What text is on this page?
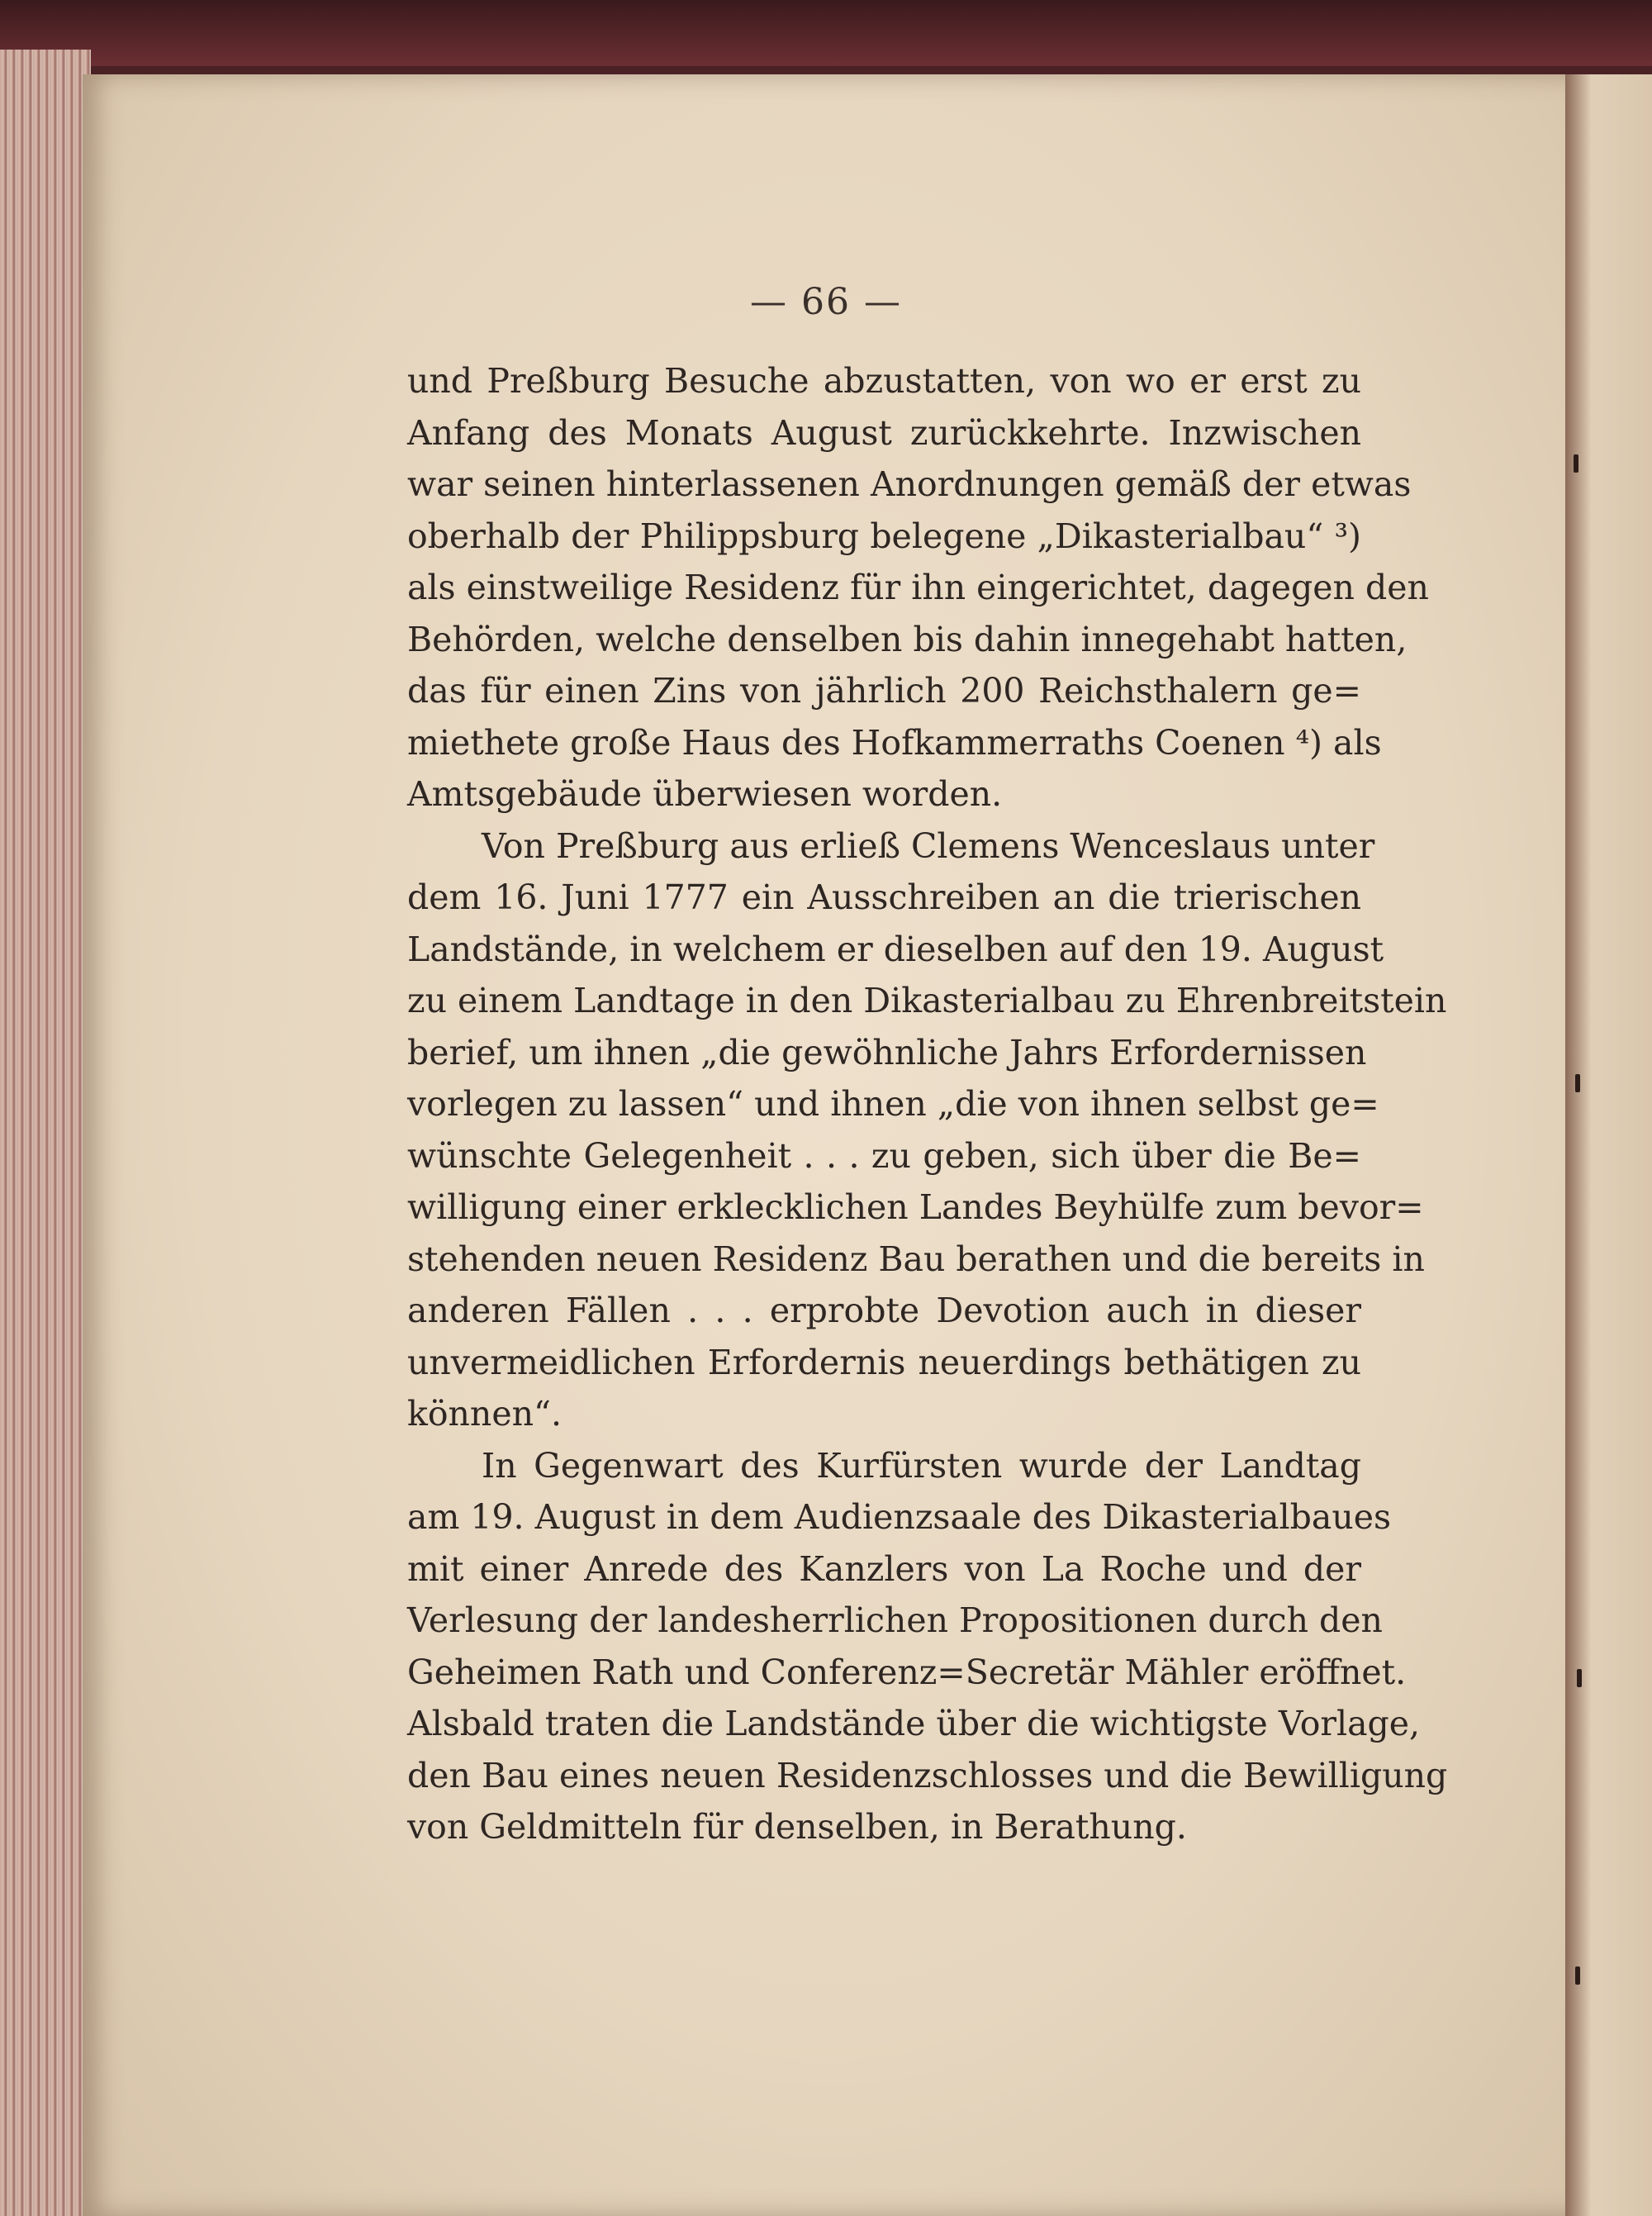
— 66 —
und Preßburg Besuche abzustatten, von wo er erst zu
Anfang des Monats August zurückkehrte. Inzwischen
war seinen hinterlassenen Anordnungen gemäß der etwas
oberhalb der Philippsburg belegene „Dikasterialbau“ ³)
als einstweilige Residenz für ihn eingerichtet, dagegen den
Behörden, welche denselben bis dahin innegehabt hatten,
das für einen Zins von jährlich 200 Reichsthalern ge=
miethete große Haus des Hofkammerraths Coenen ⁴) als
Amtsgebäude überwiesen worden.
Von Preßburg aus erließ Clemens Wenceslaus unter
dem 16. Juni 1777 ein Ausschreiben an die trierischen
Landstände, in welchem er dieselben auf den 19. August
zu einem Landtage in den Dikasterialbau zu Ehrenbreitstein
berief, um ihnen „die gewöhnliche Jahrs Erfordernissen
vorlegen zu lassen“ und ihnen „die von ihnen selbst ge=
wünschte Gelegenheit . . . zu geben, sich über die Be=
willigung einer erklecklichen Landes Beyhülfe zum bevor=
stehenden neuen Residenz Bau berathen und die bereits in
anderen Fällen . . . erprobte Devotion auch in dieser
unvermeidlichen Erfordernis neuerdings bethätigen zu
können“.
In Gegenwart des Kurfürsten wurde der Landtag
am 19. August in dem Audienzsaale des Dikasterialbaues
mit einer Anrede des Kanzlers von La Roche und der
Verlesung der landesherrlichen Propositionen durch den
Geheimen Rath und Conferenz=Secretär Mähler eröffnet.
Alsbald traten die Landstände über die wichtigste Vorlage,
den Bau eines neuen Residenzschlosses und die Bewilligung
von Geldmitteln für denselben, in Berathung.
